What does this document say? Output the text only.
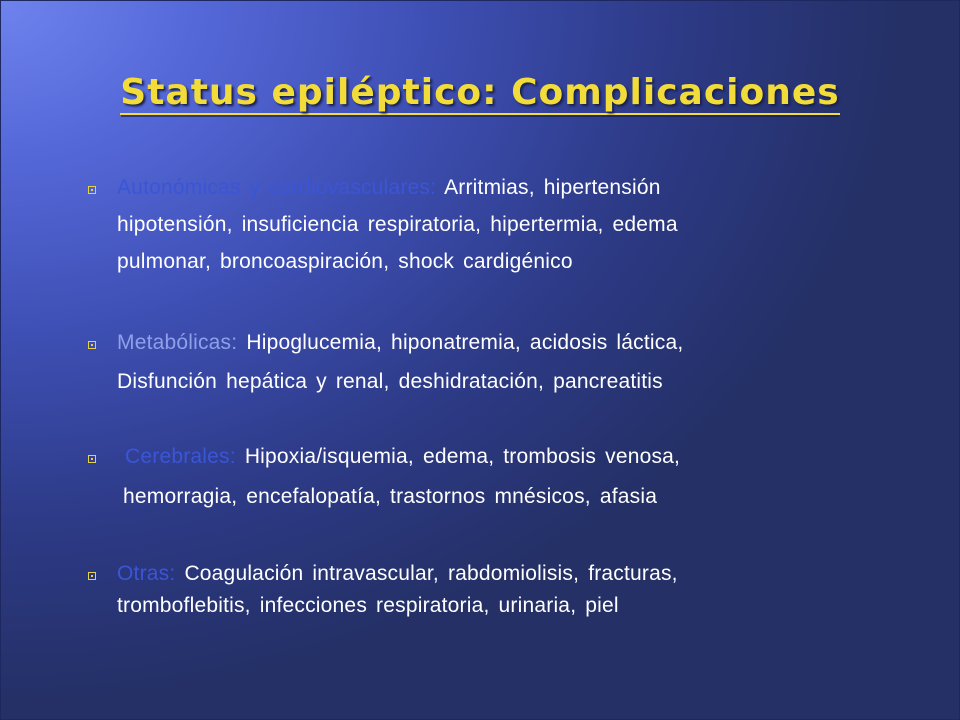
Status epiléptico: Complicaciones
Autonómicas y cardiovasculares: Arritmias, hipertensión
hipotensión, insuficiencia respiratoria, hipertermia, edema
pulmonar, broncoaspiración, shock cardigénico
Metabólicas: Hipoglucemia, hiponatremia, acidosis láctica,
Disfunción hepática y renal, deshidratación, pancreatitis
Cerebrales: Hipoxia/isquemia, edema, trombosis venosa,
hemorragia, encefalopatía, trastornos mnésicos, afasia
Otras: Coagulación intravascular, rabdomiolisis, fracturas,
tromboflebitis, infecciones respiratoria, urinaria, piel
